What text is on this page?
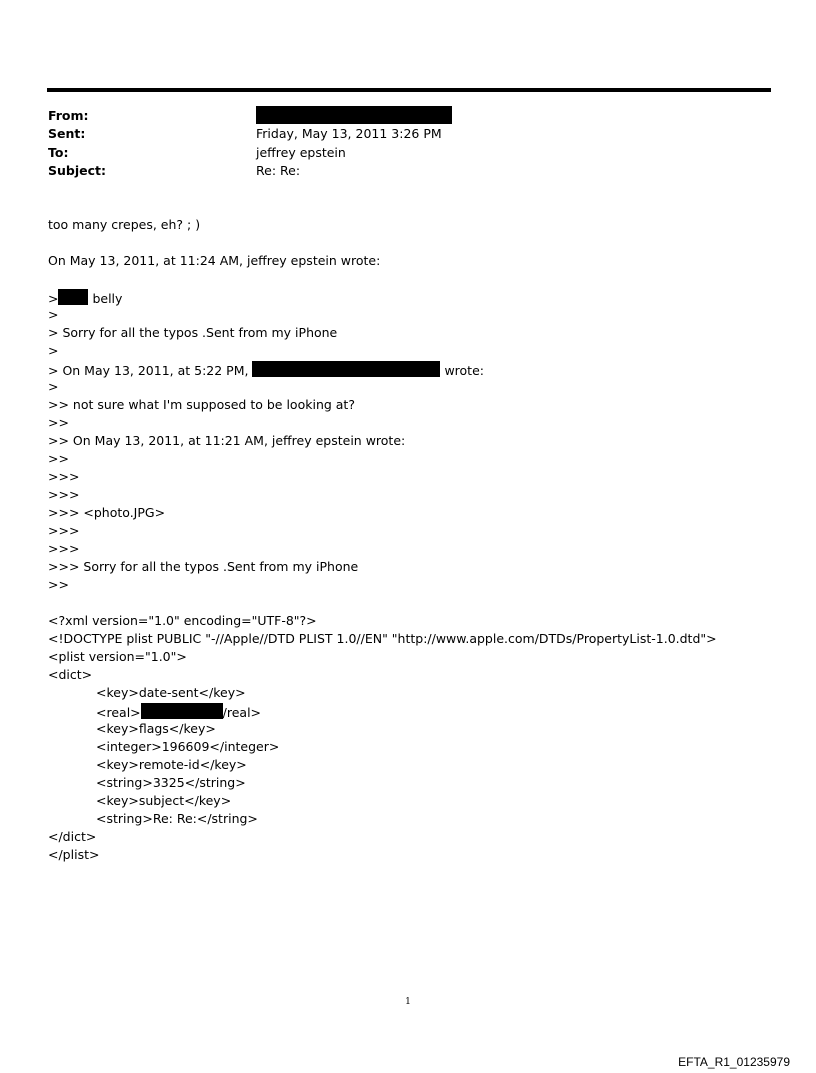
From:
Sent:	Friday, May 13, 2011 3:26 PM
To:	jeffrey epstein
Subject:	Re: Re:
too many crepes, eh? ; )
On May 13, 2011, at 11:24 AM, jeffrey epstein wrote:
> belly
>
> Sorry for all the typos .Sent from my iPhone
>
> On May 13, 2011, at 5:22 PM,	wrote:
>
>> not sure what I'm supposed to be looking at?
>>
>> On May 13, 2011, at 11:21 AM, jeffrey epstein wrote:
>>
>>>
>>>
>>> <photo.JPG>
>>>
>>>
>>> Sorry for all the typos .Sent from my iPhone
>>
<?xml version="1.0" encoding="UTF-8"?>
<!DOCTYPE plist PUBLIC "-//Apple//DTD PLIST 1.0//EN" "http://www.apple.com/DTDs/PropertyList-1.0.dtd">
<plist version="1.0">
<dict>
<key>date-sent</key>
<real>	/real>
<key>flags</key>
<integer>196609</integer>
<key>remote-id</key>
<string>3325</string>
<key>subject</key>
<string>Re: Re:</string>
</dict>
</plist>
1
EFTA_R1_01235979
